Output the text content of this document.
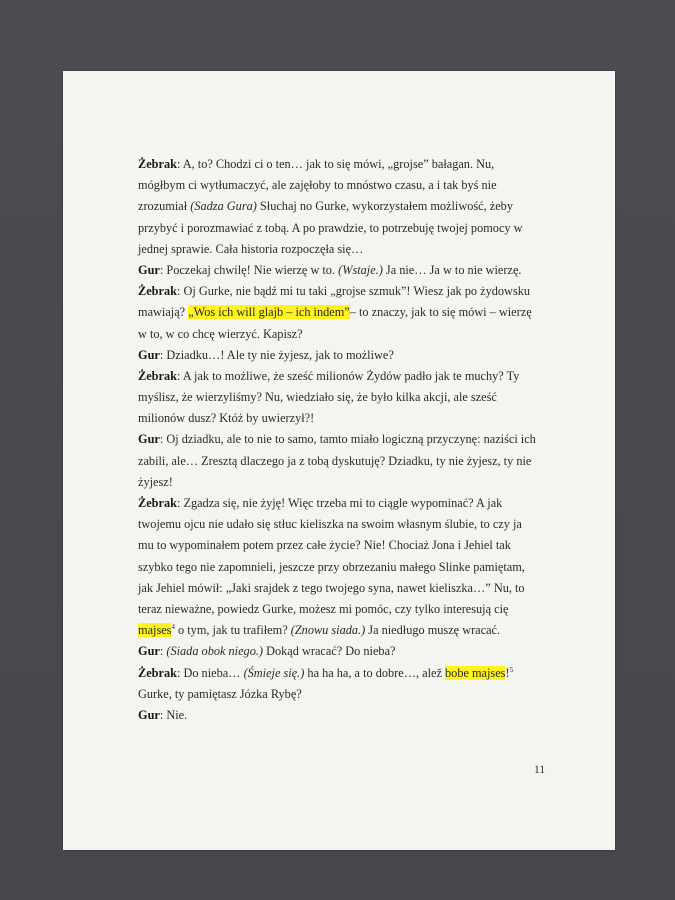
Żebrak: A, to? Chodzi ci o ten… jak to się mówi, „grojse” bałagan. Nu,
mógłbym ci wytłumaczyć, ale zajęłoby to mnóstwo czasu, a i tak byś nie
zrozumiał (Sadza Gura) Słuchaj no Gurke, wykorzystałem możliwość, żeby
przybyć i porozmawiać z tobą. A po prawdzie, to potrzebuję twojej pomocy w
jednej sprawie. Cała historia rozpoczęła się…
Gur: Poczekaj chwilę! Nie wierzę w to. (Wstaje.) Ja nie… Ja w to nie wierzę.
Żebrak: Oj Gurke, nie bądź mi tu taki „grojse szmuk”! Wiesz jak po żydowsku
mawiają? „Wos ich will glajb – ich indem”– to znaczy, jak to się mówi – wierzę
w to, w co chcę wierzyć. Kapisz?
Gur: Dziadku…! Ale ty nie żyjesz, jak to możliwe?
Żebrak: A jak to możliwe, że sześć milionów Żydów padło jak te muchy? Ty
myślisz, że wierzyliśmy? Nu, wiedziało się, że było kilka akcji, ale sześć
milionów dusz? Któż by uwierzył?!
Gur: Oj dziadku, ale to nie to samo, tamto miało logiczną przyczynę: naziści ich
zabili, ale… Zresztą dlaczego ja z tobą dyskutuję? Dziadku, ty nie żyjesz, ty nie
żyjesz!
Żebrak: Zgadza się, nie żyję! Więc trzeba mi to ciągle wypominać? A jak
twojemu ojcu nie udało się stłuc kieliszka na swoim własnym ślubie, to czy ja
mu to wypominałem potem przez całe życie? Nie! Chociaż Jona i Jehiel tak
szybko tego nie zapomnieli, jeszcze przy obrzezaniu małego Slinke pamiętam,
jak Jehiel mówił: „Jaki srajdek z tego twojego syna, nawet kieliszka…” Nu, to
teraz nieważne, powiedz Gurke, możesz mi pomóc, czy tylko interesują cię
majses$^4$ o tym, jak tu trafiłem? (Znowu siada.) Ja niedługo muszę wracać.
Gur: (Siada obok niego.) Dokąd wracać? Do nieba?
Żebrak: Do nieba… (Śmieje się.) ha ha ha, a to dobre…, alež bobe majses!$^5$
Gurke, ty pamiętasz Józka Rybę?
Gur: Nie.
11
